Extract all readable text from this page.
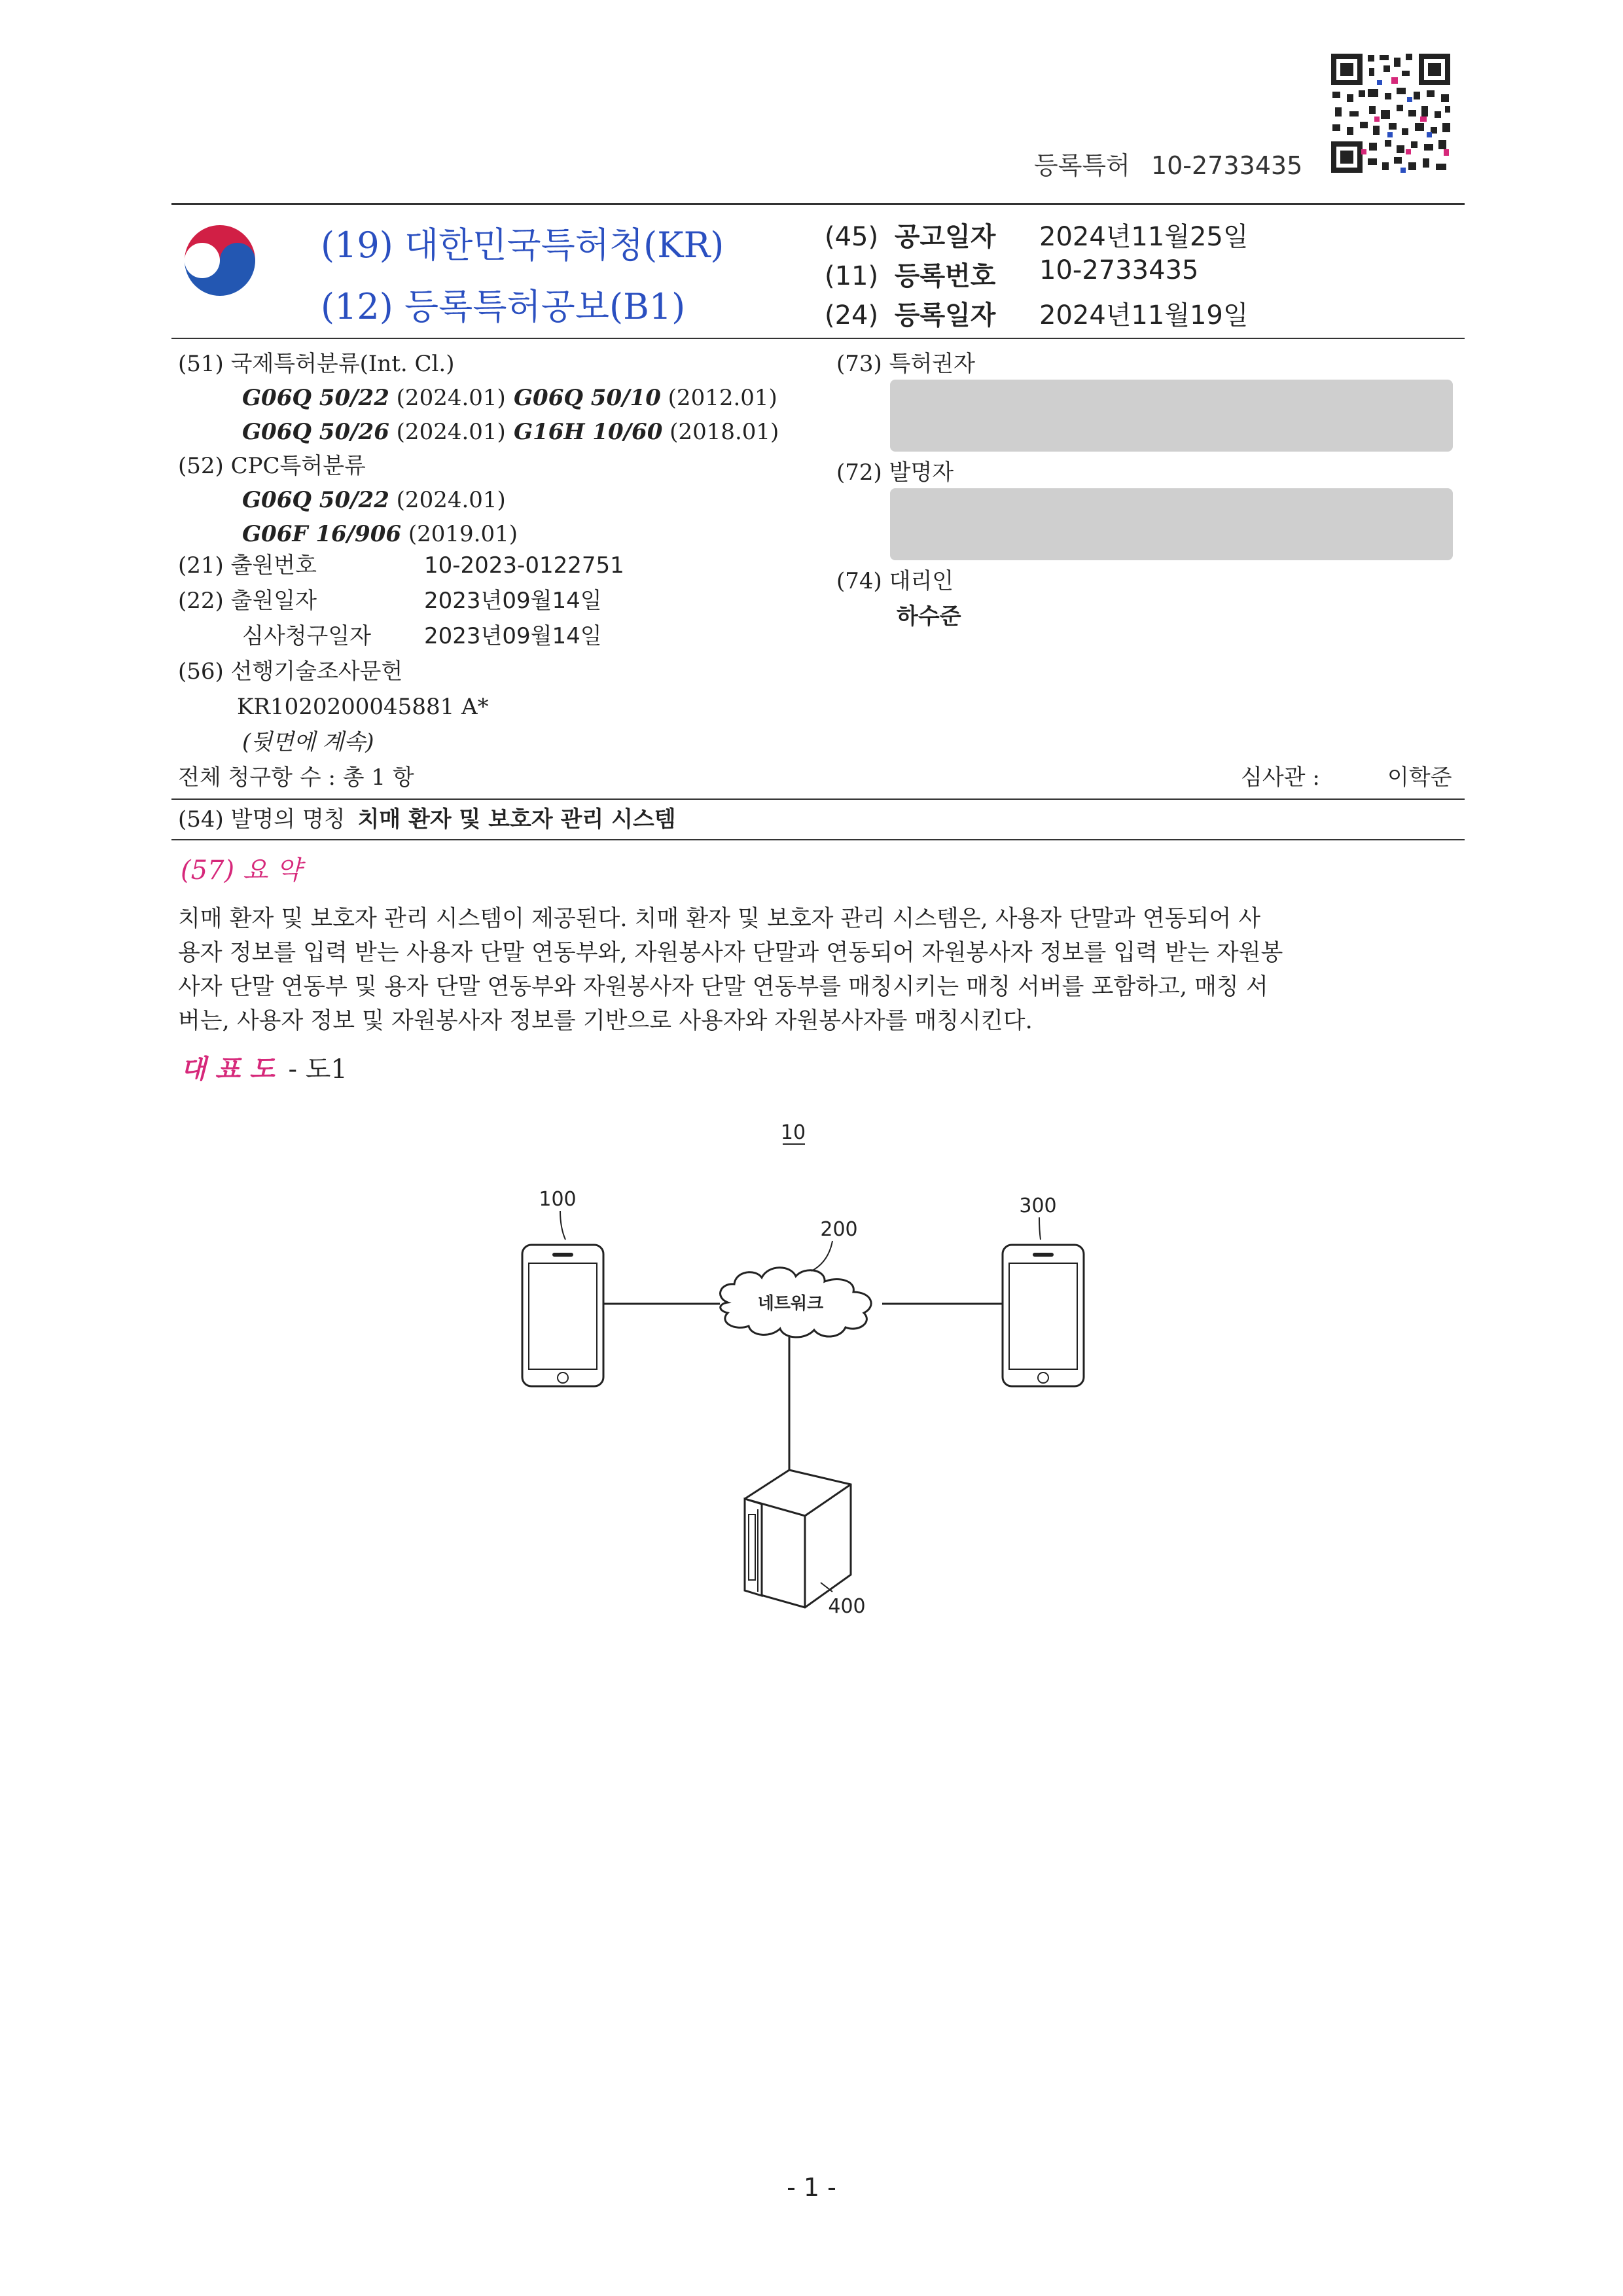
등록특허 10-2733435
(19) 대한민국특허청(KR)
(12) 등록특허공보(B1)
(45) 공고일자 2024년11월25일
(11) 등록번호 10-2733435
(24) 등록일자 2024년11월19일
(51) 국제특허분류(Int. Cl.)
G06Q 50/22 (2024.01) G06Q 50/10 (2012.01)
G06Q 50/26 (2024.01) G16H 10/60 (2018.01)
(52) CPC특허분류
G06Q 50/22 (2024.01)
G06F 16/906 (2019.01)
(21) 출원번호	10-2023-0122751
(22) 출원일자	2023년09월14일
심사청구일자 2023년09월14일
(56) 선행기술조사문헌
KR1020200045881 A*
(뒷면에 계속)
(73) 특허권자
(72) 발명자
(74) 대리인
하수준
전체 청구항 수 : 총 1 항	심사관 :	이학준
(54) 발명의 명칭 치매 환자 및 보호자 관리 시스템
(57) 요 약
치매 환자 및 보호자 관리 시스템이 제공된다. 치매 환자 및 보호자 관리 시스템은, 사용자 단말과 연동되어 사
용자 정보를 입력 받는 사용자 단말 연동부와, 자원봉사자 단말과 연동되어 자원봉사자 정보를 입력 받는 자원봉
사자 단말 연동부 및 용자 단말 연동부와 자원봉사자 단말 연동부를 매칭시키는 매칭 서버를 포함하고, 매칭 서
버는, 사용자 정보 및 자원봉사자 정보를 기반으로 사용자와 자원봉사자를 매칭시킨다.
대 표 도 - 도1
10
100	300
네트워크
200
400
- 1 -
